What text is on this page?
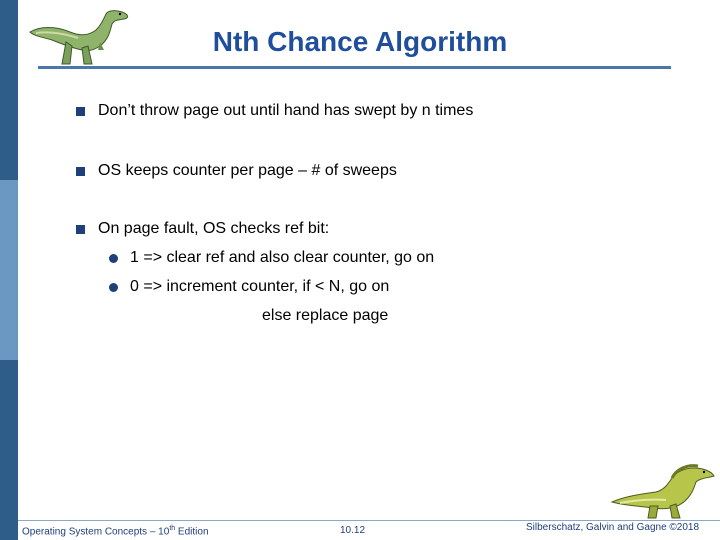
Nth Chance Algorithm
Don’t throw page out until hand has swept by n times
OS keeps counter per page – # of sweeps
On page fault, OS checks ref bit:
1 => clear ref and also clear counter, go on
0 => increment counter, if < N, go on
else replace page
Operating System Concepts – 10th Edition	10.12	Silberschatz, Galvin and Gagne ©2018
